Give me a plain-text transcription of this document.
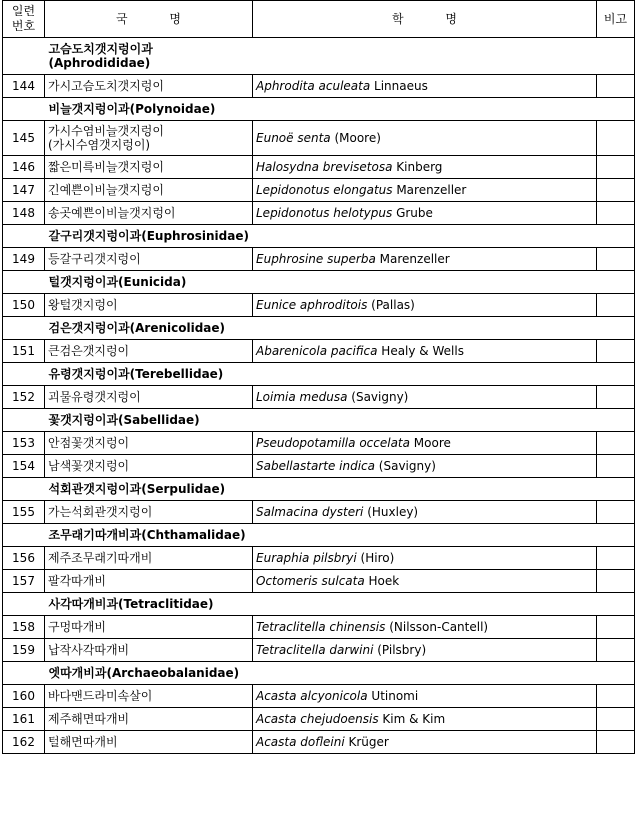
일련
번호	국 명	학 명	비고
	고슴도치갯지렁이과
(Aphrodididae)		
144	가시고슴도치갯지렁이	Aphrodita aculeata Linnaeus	
	비늘갯지렁이과(Polynoidae)		
145	가시수염비늘갯지렁이
(가시수염갯지렁이)	Eunoë senta (Moore)	
146	짧은미륵비늘갯지렁이	Halosydna brevisetosa Kinberg	
147	긴예쁜이비늘갯지렁이	Lepidonotus elongatus Marenzeller	
148	송곳예쁜이비늘갯지렁이	Lepidonotus helotypus Grube	
	갈구리갯지렁이과(Euphrosinidae)		
149	등갈구리갯지렁이	Euphrosine superba Marenzeller	
	털갯지렁이과(Eunicida)		
150	왕털갯지렁이	Eunice aphroditois (Pallas)	
	검은갯지렁이과(Arenicolidae)		
151	큰검은갯지렁이	Abarenicola pacifica Healy & Wells	
	유령갯지렁이과(Terebellidae)		
152	괴물유령갯지렁이	Loimia medusa (Savigny)	
	꽃갯지렁이과(Sabellidae)		
153	안점꽃갯지렁이	Pseudopotamilla occelata Moore	
154	남색꽃갯지렁이	Sabellastarte indica (Savigny)	
	석회관갯지렁이과(Serpulidae)		
155	가는석회관갯지렁이	Salmacina dysteri (Huxley)	
	조무래기따개비과(Chthamalidae)		
156	제주조무래기따개비	Euraphia pilsbryi (Hiro)	
157	팔각따개비	Octomeris sulcata Hoek	
	사각따개비과(Tetraclitidae)		
158	구멍따개비	Tetraclitella chinensis (Nilsson-Cantell)	
159	납작사각따개비	Tetraclitella darwini (Pilsbry)	
	엣따개비과(Archaeobalanidae)		
160	바다맨드라미속살이	Acasta alcyonicola Utinomi	
161	제주해면따개비	Acasta chejudoensis Kim & Kim	
162	털해면따개비	Acasta dofleini Krüger	
